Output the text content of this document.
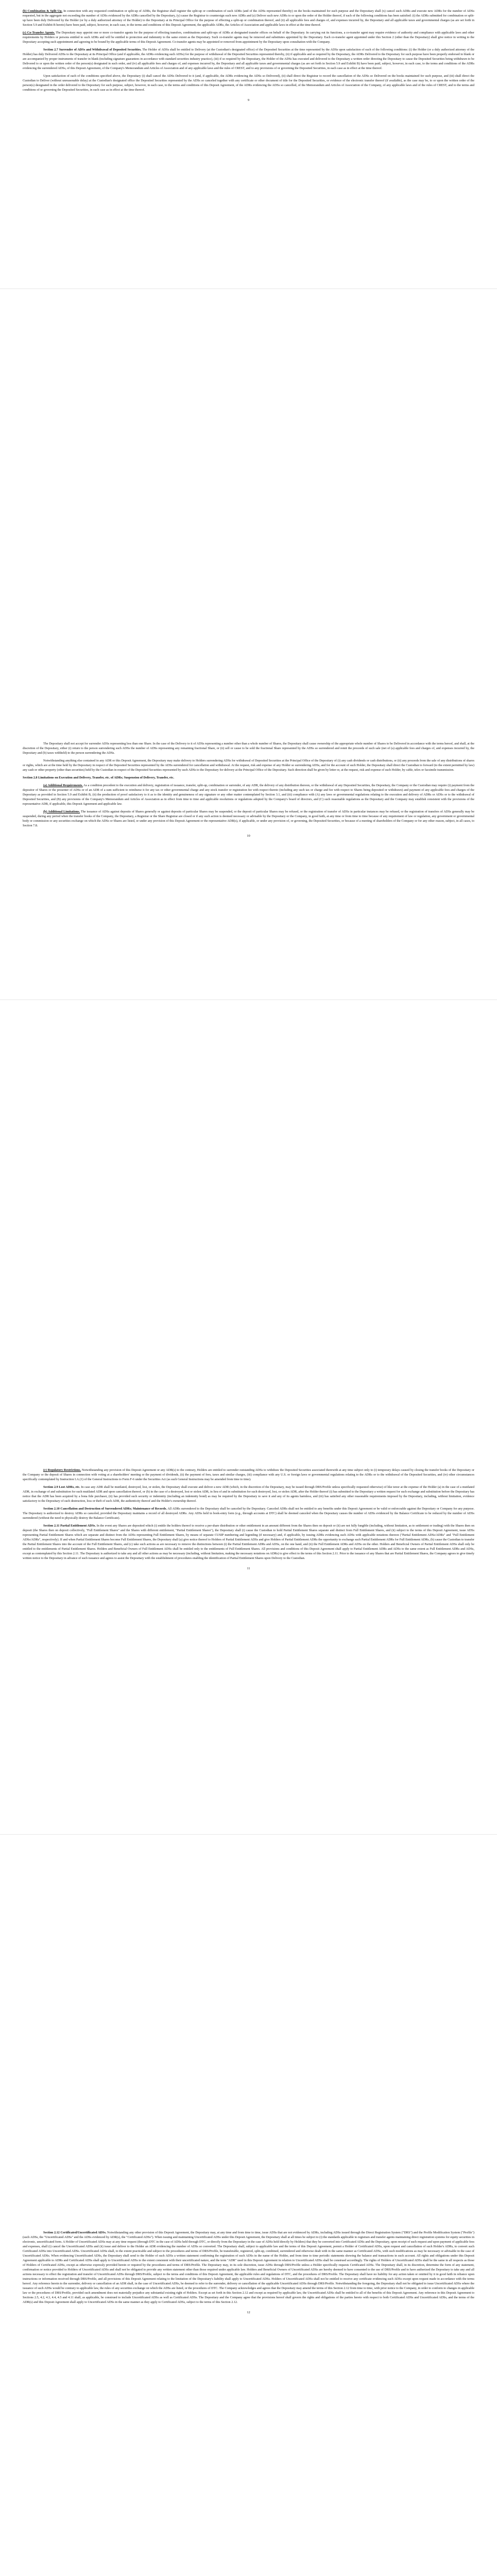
(b) Combination & Split Up. In connection with any requested combination or split-up of ADRs, the Registrar shall register the split-up or combination of such ADRs (and of the ADSs represented thereby) on the books maintained for such purpose and the Depositary shall (x) cancel such ADRs and execute new ADRs for the number of ADSs requested, but in the aggregate not exceeding the number of ADSs evidenced by the ADRs cancelled by the Depositary, (y) cause the Registrar to countersign such new ADRs and (z) Deliver such new ADRs to or upon the order of the Holder thereof, if each of the following conditions has been satisfied: (i) the ADRs submitted for combination or split-up have been duly Delivered by the Holder (or by a duly authorized attorney of the Holder) to the Depositary at its Principal Office for the purpose of effecting a split-up or combination thereof, and (ii) all applicable fees and charges of, and expenses incurred by, the Depositary and all applicable taxes and governmental charges (as are set forth in Section 5.9 and Exhibit B hereto) have been paid, subject, however, in each case, to the terms and conditions of this Deposit Agreement, the applicable ADRs, the Articles of Association and applicable laws in effect at the time thereof.

(c) Co-Transfer Agents. The Depositary may appoint one or more co-transfer agents for the purpose of effecting transfers, combinations and split-ups of ADRs at designated transfer offices on behalf of the Depositary. In carrying out its functions, a co-transfer agent may require evidence of authority and compliance with applicable laws and other requirements by Holders or persons entitled to such ADRs and will be entitled to protection and indemnity to the same extent as the Depositary. Such co-transfer agents may be removed and substitutes appointed by the Depositary. Each co-transfer agent appointed under this Section 2 (other than the Depositary) shall give notice in writing to the Depositary accepting such appointment and agreeing to be bound by the applicable terms of this Deposit Agreement. Co-transfer agents may be appointed or removed from appointment by the Depositary upon consultation with the Company.

Section 2.7 Surrender of ADSs and Withdrawal of Deposited Securities. The Holder of ADSs shall be entitled to Delivery (at the Custodian's designated office) of the Deposited Securities at the time represented by the ADSs upon satisfaction of each of the following conditions: (i) the Holder (or a duly authorized attorney of the Holder) has duly Delivered ADSs to the Depositary at its Principal Office (and if applicable, the ADRs evidencing such ADSs) for the purpose of withdrawal of the Deposited Securities represented thereby, (ii) if applicable and so required by the Depositary, the ADRs Delivered to the Depositary for such purpose have been properly endorsed in blank or are accompanied by proper instruments of transfer in blank (including signature guarantees in accordance with standard securities industry practice), (iii) if so required by the Depositary, the Holder of the ADSs has executed and delivered to the Depositary a written order directing the Depositary to cause the Deposited Securities being withdrawn to be Delivered to or upon the written order of the person(s) designated in such order, and (iv) all applicable fees and charges of, and expenses incurred by, the Depositary and all applicable taxes and governmental charges (as are set forth in Section 5.9 and Exhibit B) have been paid, subject, however, in each case, to the terms and conditions of the ADRs evidencing the surrendered ADSs, of this Deposit Agreement, of the Company's Memorandum and Articles of Association and of any applicable laws and the rules of CREST, and to any provisions of or governing the Deposited Securities, in each case as in effect at the time thereof.

Upon satisfaction of each of the conditions specified above, the Depositary (i) shall cancel the ADSs Delivered to it (and, if applicable, the ADRs evidencing the ADSs so Delivered), (ii) shall direct the Registrar to record the cancellation of the ADSs so Delivered on the books maintained for such purpose, and (iii) shall direct the Custodian to Deliver (without unreasonable delay) at the Custodian's designated office the Deposited Securities represented by the ADSs so canceled together with any certificate or other document of title for the Deposited Securities, or evidence of the electronic transfer thereof (if available), as the case may be, to or upon the written order of the person(s) designated in the order delivered to the Depositary for such purpose, subject, however, in each case, to the terms and conditions of this Deposit Agreement, of the ADRs evidencing the ADSs so cancelled, of the Memorandum and Articles of Association of the Company, of any applicable laws and of the rules of CREST, and to the terms and conditions of or governing the Deposited Securities, in each case as in effect at the time thereof.

9

The Depositary shall not accept for surrender ADSs representing less than one Share. In the case of the Delivery to it of ADSs representing a number other than a whole number of Shares, the Depositary shall cause ownership of the appropriate whole number of Shares to be Delivered in accordance with the terms hereof, and shall, at the discretion of the Depositary, either (i) return to the person surrendering such ADSs the number of ADSs representing any remaining fractional Share, or (ii) sell or cause to be sold the fractional Share represented by the ADSs so surrendered and remit the proceeds of such sale (net of (a) applicable fees and charges of, and expenses incurred by, the Depositary and (b) taxes withheld) to the person surrendering the ADSs.

Notwithstanding anything else contained in any ADR or this Deposit Agreement, the Depositary may make delivery to Holders surrendering ADSs for withdrawal of Deposited Securities at the Principal Office of the Depositary of (i) any cash dividends or cash distributions, or (ii) any proceeds from the sale of any distributions of shares or rights, which are at the time held by the Depositary in respect of the Deposited Securities represented by the ADSs surrendered for cancellation and withdrawal. At the request, risk and expense of any Holder so surrendering ADSs, and for the account of such Holder, the Depositary shall direct the Custodian to forward (to the extent permitted by law) any cash or other property (other than securities) held by the Custodian in respect of the Deposited Securities represented by such ADSs to the Depositary for delivery at the Principal Office of the Depositary. Such direction shall be given by letter or, at the request, risk and expense of such Holder, by cable, telex or facsimile transmission.

Section 2.8 Limitations on Execution and Delivery, Transfer, etc. of ADRs; Suspension of Delivery, Transfer, etc.

(a) Additional Requirements. As a condition precedent to the execution and delivery, registration of issuance, transfer, split-up, combination or surrender, of any ADR, the delivery of any distribution thereon, or the withdrawal of any Deposited Securities, the Depositary, the Company or the Custodian may require (i) payment from the depositor of Shares or the presenter of ADSs or of an ADR of a sum sufficient to reimburse it for any tax or other governmental charge and any stock transfer or registration fee with respect thereto (including any such tax or charge and fee with respect to Shares being deposited or withdrawn) and payment of any applicable fees and charges of the Depositary as provided in Section 5.9 and Exhibit B, (ii) the production of proof satisfactory to it as to the identity and genuineness of any signature or any other matter contemplated by Section 3.1, and (iii) compliance with (A) any laws or governmental regulations relating to the execution and delivery of ADRs or ADSs or to the withdrawal of Deposited Securities, and (B) any provisions of the Company's Memorandum and Articles of Association as in effect from time to time and applicable resolutions or regulations adopted by the Company's board of directors, and (C) such reasonable regulations as the Depositary and the Company may establish consistent with the provisions of the representative ADR, if applicable, this Deposit Agreement and applicable law.

(b) Additional Limitations. The issuance of ADSs against deposits of Shares generally or against deposits of particular Shares may be suspended, or the deposit of particular Shares may be refused, or the registration of transfer of ADSs in particular instances may be refused, or the registration of transfers of ADSs generally may be suspended, during any period when the transfer books of the Company, the Depositary, a Registrar or the Share Registrar are closed or if any such action is deemed necessary or advisable by the Depositary or the Company, in good faith, at any time or from time to time because of any requirement of law or regulation, any government or governmental body or commission or any securities exchange on which the ADSs or Shares are listed, or under any provision of this Deposit Agreement or the representative ADR(s), if applicable, or under any provision of, or governing, the Deposited Securities, or because of a meeting of shareholders of the Company or for any other reason, subject, in all cases, to Section 7.8.

10

(c) Regulatory Restrictions. Notwithstanding any provision of this Deposit Agreement or any ADR(s) to the contrary, Holders are entitled to surrender outstanding ADSs to withdraw the Deposited Securities associated therewith at any time subject only to (i) temporary delays caused by closing the transfer books of the Depositary or the Company or the deposit of Shares in connection with voting at a shareholders' meeting or the payment of dividends, (ii) the payment of fees, taxes and similar charges, (iii) compliance with any U.S. or foreign laws or governmental regulations relating to the ADRs or to the withdrawal of the Deposited Securities, and (iv) other circumstances specifically contemplated by Instruction I.A.(1) of the General Instructions to Form F-6 under the Securities Act (as such General Instructions may be amended from time to time).

Section 2.9 Lost ADRs, etc. In case any ADR shall be mutilated, destroyed, lost, or stolen, the Depositary shall execute and deliver a new ADR (which, in the discretion of the Depositary, may be issued through DRS/Profile unless specifically requested otherwise) of like tenor at the expense of the Holder (a) in the case of a mutilated ADR, in exchange of and substitution for such mutilated ADR and upon cancellation thereof, or (b) in the case of a destroyed, lost or stolen ADR, in lieu of and in substitution for such destroyed, lost, or stolen ADR, after the Holder thereof (i) has submitted to the Depositary a written request for such exchange and substitution before the Depositary has notice that the ADR has been acquired by a bona fide purchaser, (ii) has provided such security or indemnity (including an indemnity bond) as may be required by the Depositary to save it and any of its agents harmless, and (iii) has satisfied any other reasonable requirements imposed by the Depositary, including, without limitation, evidence satisfactory to the Depositary of such destruction, loss or theft of such ADR, the authenticity thereof and the Holder's ownership thereof.

Section 2.10 Cancellation and Destruction of Surrendered ADRs; Maintenance of Records. All ADRs surrendered to the Depositary shall be canceled by the Depositary. Canceled ADRs shall not be entitled to any benefits under this Deposit Agreement or be valid or enforceable against the Depositary or Company for any purpose. The Depositary is authorized to destroy ADRs so canceled, provided the Depositary maintains a record of all destroyed ADRs. Any ADSs held in book-entry form (e.g., through accounts at DTC) shall be deemed canceled when the Depositary causes the number of ADSs evidenced by the Balance Certificate to be reduced by the number of ADSs surrendered (without the need to physically destroy the Balance Certificate).

Section 2.11 Partial Entitlement ADSs. In the event any Shares are deposited which (i) entitle the holders thereof to receive a per-share distribution or other entitlement in an amount different from the Shares then on deposit or (ii) are not fully fungible (including, without limitation, as to settlement or trading) with the Shares then on deposit (the Shares then on deposit collectively, "Full Entitlement Shares" and the Shares with different entitlement, "Partial Entitlement Shares"), the Depositary shall (i) cause the Custodian to hold Partial Entitlement Shares separate and distinct from Full Entitlement Shares, and (ii) subject to the terms of this Deposit Agreement, issue ADSs representing Partial Entitlement Shares which are separate and distinct from the ADSs representing Full Entitlement Shares, by means of separate CUSIP numbering and legending (if necessary) and, if applicable, by issuing ADRs evidencing such ADSs with applicable notations thereon ("Partial Entitlement ADSs/ADRs" and "Full Entitlement ADSs/ADRs", respectively). If and when Partial Entitlement Shares become Full Entitlement Shares, the Depositary shall (a) give notice thereof to Holders of Partial Entitlement ADSs and give Holders of Partial Entitlement ADRs the opportunity to exchange such Partial Entitlement ADRs for Full Entitlement ADRs, (b) cause the Custodian to transfer the Partial Entitlement Shares into the account of the Full Entitlement Shares, and (c) take such actions as are necessary to remove the distinctions between (i) the Partial Entitlement ADRs and ADSs, on the one hand, and (ii) the Full Entitlement ADRs and ADSs on the other. Holders and Beneficial Owners of Partial Entitlement ADSs shall only be entitled to the entitlements of Partial Entitlement Shares. Holders and Beneficial Owners of Full Entitlement ADSs shall be entitled only to the entitlements of Full Entitlement Shares. All provisions and conditions of this Deposit Agreement shall apply to Partial Entitlement ADRs and ADSs to the same extent as Full Entitlement ADRs and ADSs, except as contemplated by this Section 2.11. The Depositary is authorized to take any and all other actions as may be necessary (including, without limitation, making the necessary notations on ADRs) to give effect to the terms of this Section 2.11. Prior to the issuance of any Shares that are Partial Entitlement Shares, the Company agrees to give timely written notice to the Depositary in advance of such issuance and agrees to assist the Depositary with the establishment of procedures enabling the identification of Partial Entitlement Shares upon Delivery to the Custodian.

11

Section 2.12 Certificated/Uncertificated ADSs. Notwithstanding any other provision of this Deposit Agreement, the Depositary may, at any time and from time to time, issue ADSs that are not evidenced by ADRs, including ADSs issued through the Direct Registration System ("DRS") and the Profile Modification System ("Profile") (such ADSs, the "Uncertificated ADSs" and the ADSs evidenced by ADR(s), the "Certificated ADSs"). When issuing and maintaining Uncertificated ADSs under this Deposit Agreement, the Depositary shall at all times be subject to (i) the standards applicable to registrars and transfer agents maintaining direct registration systems for equity securities in electronic, uncertificated form. A Holder of Uncertificated ADSs may at any time request (through DTC in the case of ADSs held through DTC, or directly from the Depositary in the case of ADSs held directly by Holders) that they be converted into Certificated ADSs and the Depositary, upon receipt of such request and upon payment of applicable fees and expenses, shall (i) cancel the Uncertificated ADSs and (ii) issue and deliver to the Holder an ADR evidencing the number of ADSs so converted. The Depositary shall, subject to applicable law and the terms of this Deposit Agreement, permit a Holder of Certificated ADSs, upon request and cancellation of such Holder's ADRs, to convert such Certificated ADSs into Uncertificated ADSs. Uncertificated ADSs shall, to the extent practicable and subject to the procedures and terms of DRS/Profile, be transferable, registered, split-up, combined, surrendered and otherwise dealt with in the same manner as Certificated ADSs, with such modifications as may be necessary or advisable in the case of Uncertificated ADSs. When evidencing Uncertificated ADSs, the Depositary shall send to the Holder of such ADSs a written statement confirming the registration of such ADSs in the name of the Holder, and from time to time periodic statements showing the balance and transactions in such account. All rights and obligations under this Deposit Agreement applicable to ADRs and Certificated ADSs shall apply to Uncertificated ADSs to the extent consistent with their uncertificated nature, and the term "ADR" used in this Deposit Agreement in relation to Uncertificated ADSs shall be construed accordingly. The rights of Holders of Uncertificated ADSs shall be the same in all respects as those of Holders of Certificated ADSs, except as otherwise expressly provided herein or required by the procedures and terms of DRS/Profile. The Depositary may, in its sole discretion, issue ADSs through DRS/Profile unless a Holder specifically requests Certificated ADSs. The Depositary shall, in its discretion, determine the form of any statement, confirmation or notice provided to Holders of Uncertificated ADSs and shall not be obligated to provide any written statement other than those required under applicable law. Holders and Beneficial Owners of Uncertificated ADSs are hereby deemed to have consented to the use of DRS/Profile and to have authorized the Depositary to take any and all actions necessary to effect the registration and transfer of Uncertificated ADSs through DRS/Profile, subject to the terms and conditions of this Deposit Agreement, the applicable rules and regulations of DTC, and the procedures of DRS/Profile. The Depositary shall have no liability for any action taken or omitted by it in good faith in reliance upon instructions or information received through DRS/Profile, and all provisions of this Deposit Agreement relating to the limitation of the Depositary's liability shall apply to Uncertificated ADSs. Holders of Uncertificated ADSs shall not be entitled to receive any certificate evidencing such ADSs except upon request made in accordance with the terms hereof. Any reference herein to the surrender, delivery or cancellation of an ADR shall, in the case of Uncertificated ADSs, be deemed to refer to the surrender, delivery or cancellation of the applicable Uncertificated ADSs through DRS/Profile. Notwithstanding the foregoing, the Depositary shall not be obligated to issue Uncertificated ADSs where the issuance of such ADSs would be contrary to applicable law, the rules of any securities exchange on which the ADSs are listed, or the procedures of DTC. The Company acknowledges and agrees that the Depositary may amend the terms of this Section 2.12 from time to time, with prior notice to the Company, in order to conform to changes in applicable law or the procedures of DRS/Profile, provided such amendment does not materially prejudice any substantial existing right of Holders. Except as set forth in this Section 2.12 and except as required by applicable law, the Uncertificated ADSs shall be entitled to all of the benefits of this Deposit Agreement. Any reference in this Deposit Agreement to Sections 2.5, 4.2, 4.3, 4.4, 4.5 and 4.11 shall, as applicable, be construed to include Uncertificated ADSs as well as Certificated ADSs. The Depositary and the Company agree that the provisions hereof shall govern the rights and obligations of the parties hereto with respect to both Certificated ADSs and Uncertificated ADSs, and the terms of the ADR(s) and this Deposit Agreement shall apply to Uncertificated ADSs in the same manner as they apply to Certificated ADSs, subject to the terms of this Section 2.12.

12
